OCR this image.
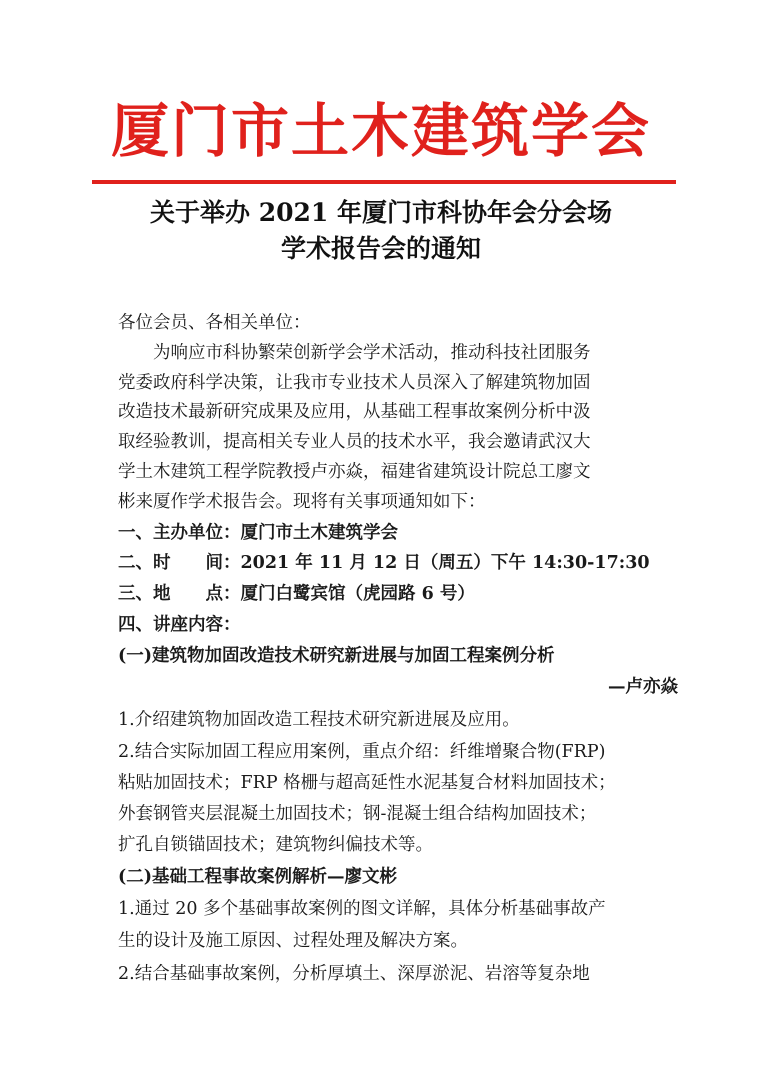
厦门市土木建筑学会
关于举办 2021 年厦门市科协年会分会场
学术报告会的通知
各位会员、各相关单位：
为响应市科协繁荣创新学会学术活动，推动科技社团服务
党委政府科学决策，让我市专业技术人员深入了解建筑物加固
改造技术最新研究成果及应用，从基础工程事故案例分析中汲
取经验教训，提高相关专业人员的技术水平，我会邀请武汉大
学土木建筑工程学院教授卢亦焱，福建省建筑设计院总工廖文
彬来厦作学术报告会。现将有关事项通知如下：
一、主办单位：厦门市土木建筑学会
二、时　　间：2021 年 11 月 12 日（周五）下午 14:30-17:30
三、地　　点：厦门白鹭宾馆（虎园路 6 号）
四、讲座内容：
(一)建筑物加固改造技术研究新进展与加固工程案例分析
—卢亦焱
1.介绍建筑物加固改造工程技术研究新进展及应用。
2.结合实际加固工程应用案例，重点介绍：纤维增聚合物(FRP)
粘贴加固技术；FRP 格栅与超高延性水泥基复合材料加固技术；
外套钢管夹层混凝土加固技术；钢-混凝士组合结构加固技术；
扩孔自锁锚固技术；建筑物纠偏技术等。
(二)基础工程事故案例解析—廖文彬
1.通过 20 多个基础事故案例的图文详解，具体分析基础事故产
生的设计及施工原因、过程处理及解决方案。
2.结合基础事故案例，分析厚填土、深厚淤泥、岩溶等复杂地
